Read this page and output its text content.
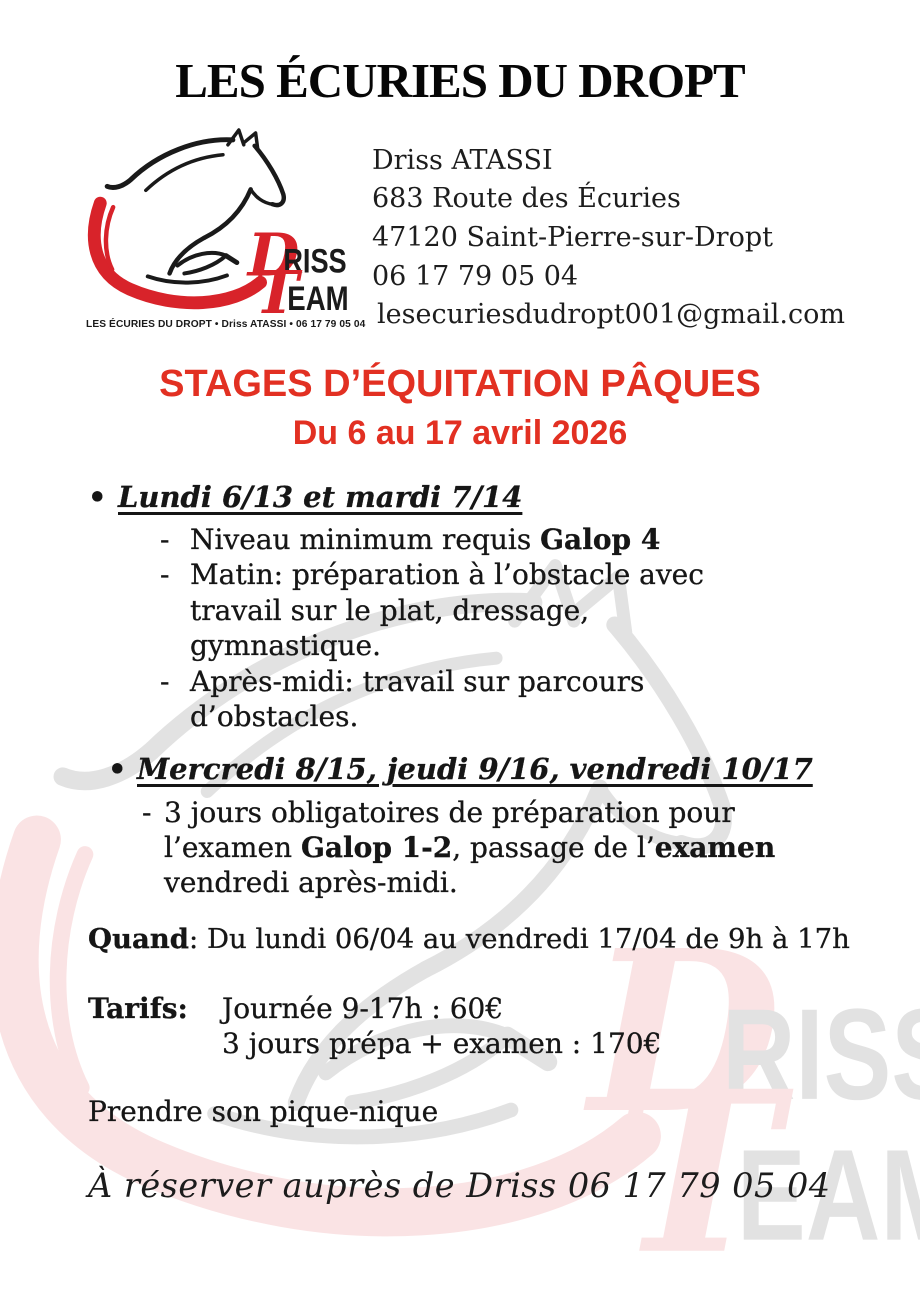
LES ÉCURIES DU DROPT
LES ÉCURIES DU DROPT • Driss ATASSI • 06 17 79 05 04
Driss ATASSI
683 Route des Écuries
47120 Saint-Pierre-sur-Dropt
06 17 79 05 04
lesecuriesdudropt001@gmail.com
STAGES D’ÉQUITATION PÂQUES
Du 6 au 17 avril 2026
• Lundi 6/13 et mardi 7/14
- Niveau minimum requis Galop 4
- Matin: préparation à l’obstacle avec travail sur le plat, dressage, gymnastique.
- Après-midi: travail sur parcours d’obstacles.
• Mercredi 8/15, jeudi 9/16, vendredi 10/17
- 3 jours obligatoires de préparation pour l’examen Galop 1-2, passage de l’examen vendredi après-midi.
Quand: Du lundi 06/04 au vendredi 17/04 de 9h à 17h
Tarifs:	Journée 9-17h : 60€
3 jours prépa + examen : 170€
Prendre son pique-nique
À réserver auprès de Driss 06 17 79 05 04
